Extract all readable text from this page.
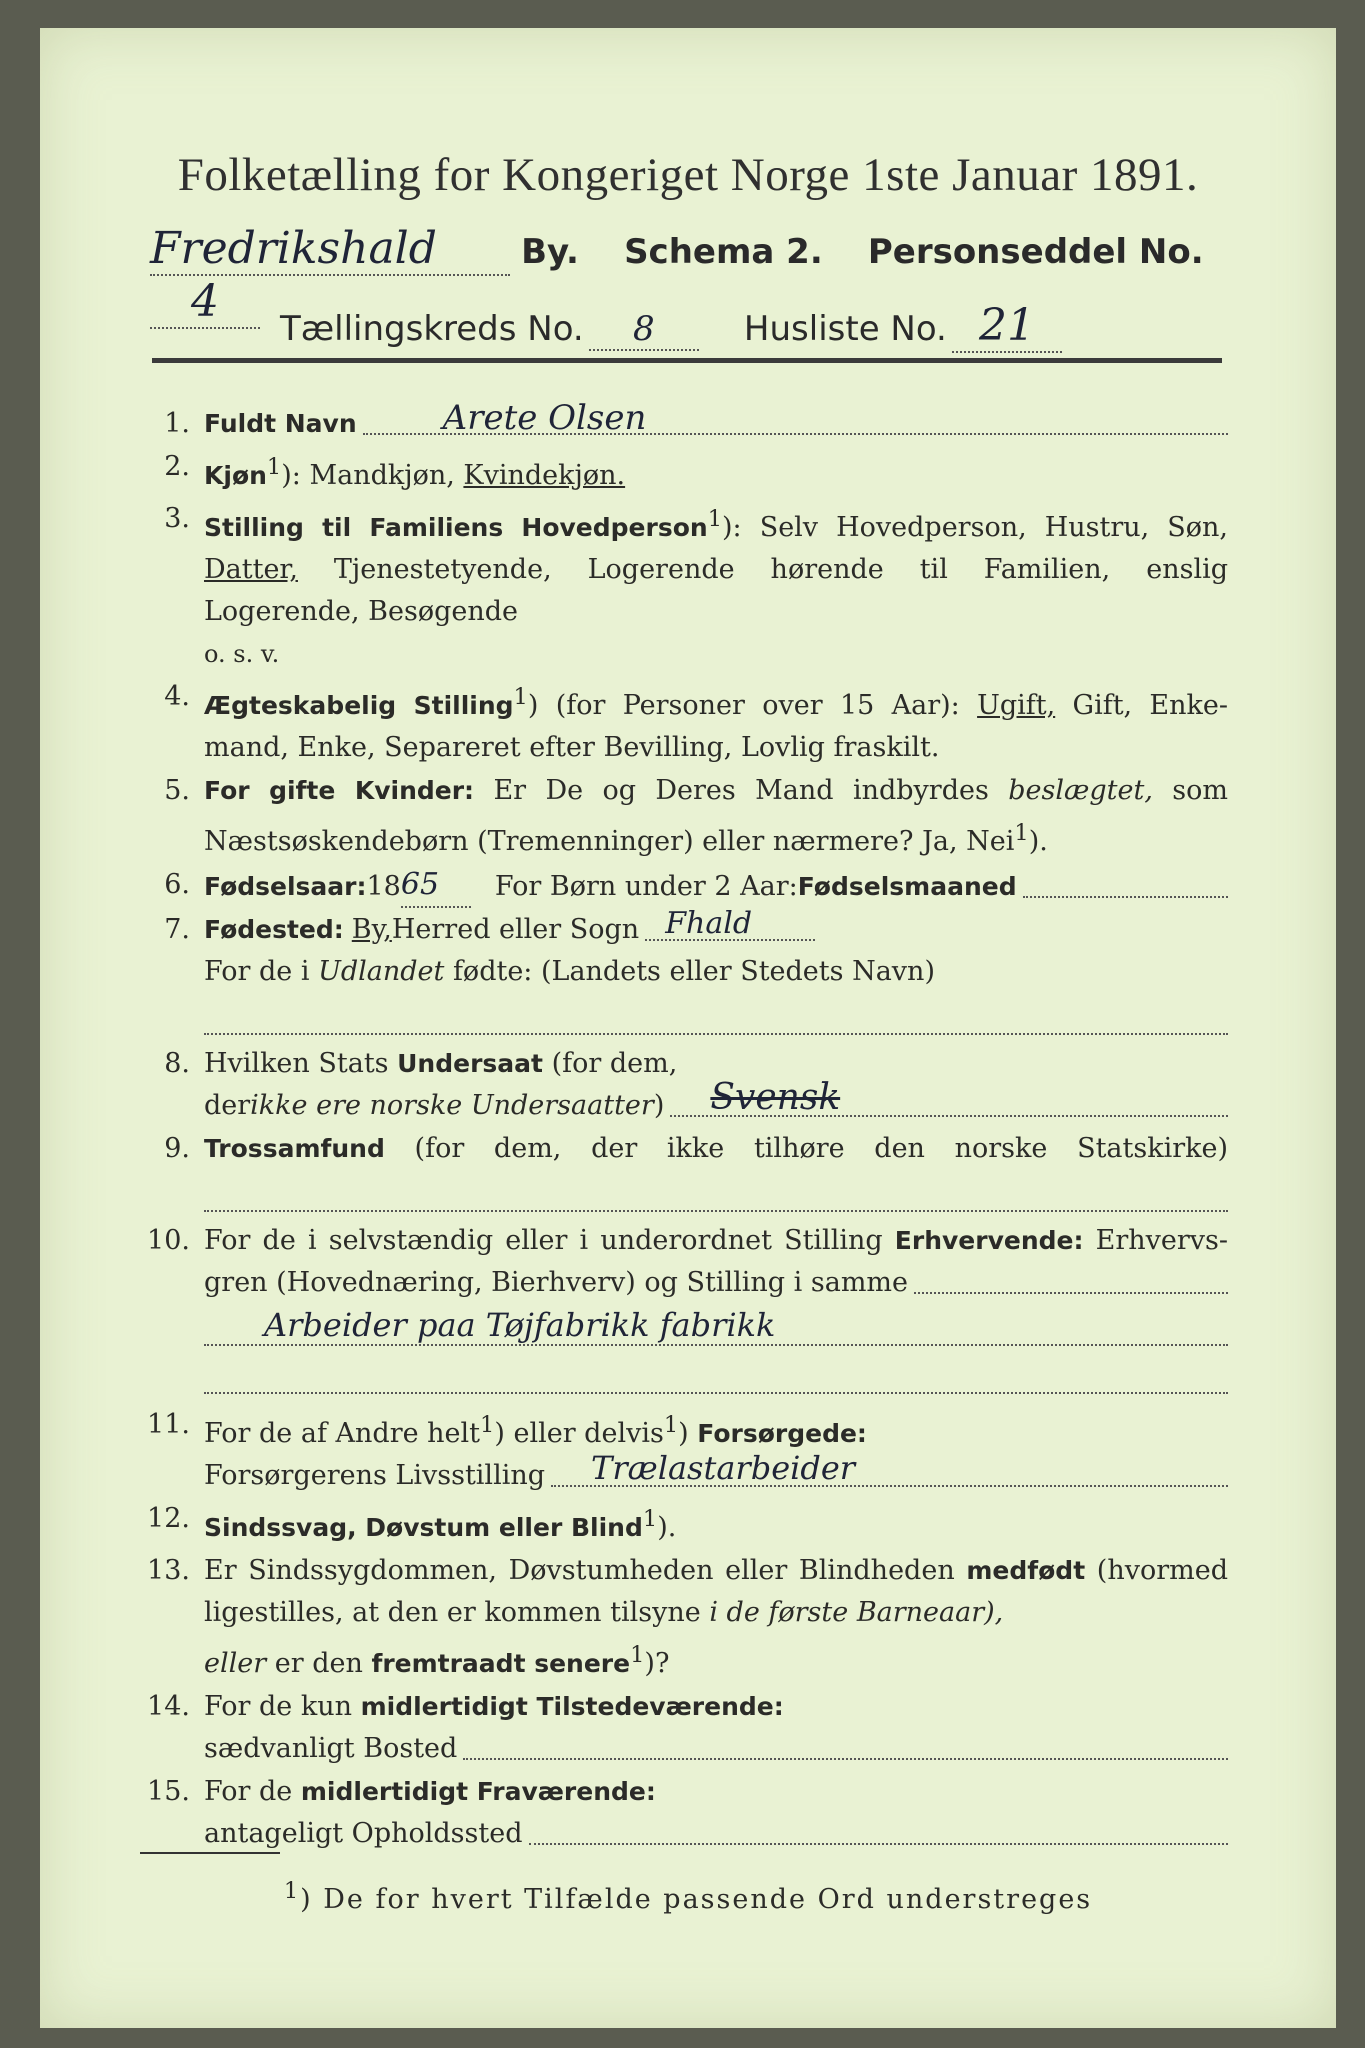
Folketælling for Kongeriget Norge 1ste Januar 1891.
Fredrikshald By. Schema 2. Personseddel No. 4
Tællingskreds No. 8	Husliste No. 21
1. Fuldt Navn	Arete Olsen
2. Kjøn$^1$): Mandkjøn, Kvindekjøn.
3. Stilling til Familiens Hovedperson$^1$): Selv Hovedperson, Hustru, Søn,
Datter, Tjenestetyende, Logerende hørende til Familien, enslig
Logerende, Besøgende
o. s. v.
4. Ægteskabelig Stilling$^1$) (for Personer over 15 Aar): Ugift, Gift, Enke-
mand, Enke, Separeret efter Bevilling, Lovlig fraskilt.
5. For gifte Kvinder: Er De og Deres Mand indbyrdes beslægtet, som
Næstsøskendebørn (Tremenninger) eller nærmere? Ja, Nei$^1$).
6. Fødselsaar: 18 65	For Børn under 2 Aar: Fødselsmaaned
7. Fødested: By, Herred eller Sogn Fhald
For de i Udlandet fødte: (Landets eller Stedets Navn)
8. Hvilken Stats Undersaat (for dem,
der ikke ere norske Undersaatter ) Svensk
9. Trossamfund (for dem, der ikke tilhøre den norske Statskirke)
10. For de i selvstændig eller i underordnet Stilling Erhvervende: Erhvervs-
gren (Hovednæring, Bierhverv) og Stilling i samme
Arbeider paa Tøjfabrikk fabrikk
11. For de af Andre helt$^1$) eller delvis$^1$) Forsørgede:
Forsørgerens Livsstilling Trælastarbeider
12. Sindssvag, Døvstum eller Blind$^1$).
13. Er Sindssygdommen, Døvstumheden eller Blindheden medfødt (hvormed
ligestilles, at den er kommen tilsyne i de første Barneaar),
eller er den fremtraadt senere$^1$)?
14. For de kun midlertidigt Tilstedeværende:
sædvanligt Bosted
15. For de midlertidigt Fraværende:
antageligt Opholdssted
$^1$) De for hvert Tilfælde passende Ord understreges
